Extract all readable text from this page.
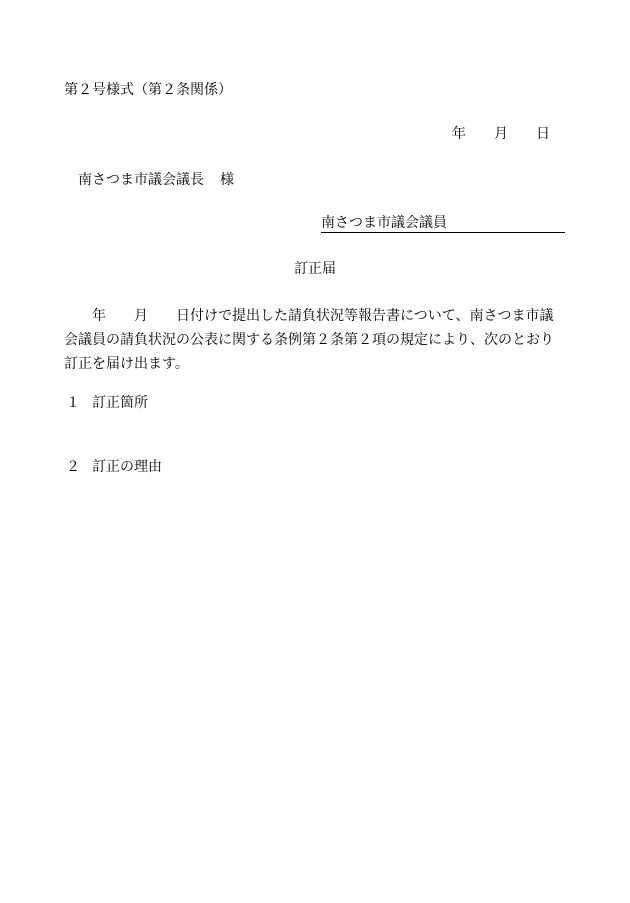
第２号様式（第２条関係）
年 月 日
南さつま市議会議長 様
南さつま市議会議員
訂正届
年 月 日付けで提出した請負状況等報告書について、南さつま市議
会議員の請負状況の公表に関する条例第２条第２項の規定により、次のとおり
訂正を届け出ます。
１ 訂正箇所
２ 訂正の理由
